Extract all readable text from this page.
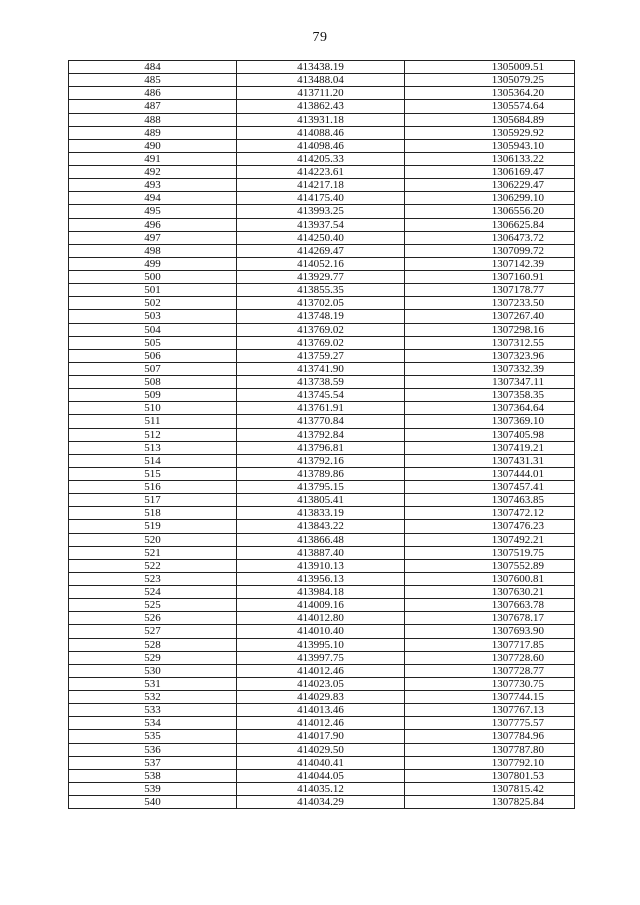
79
484	413438.19	1305009.51
485	413488.04	1305079.25
486	413711.20	1305364.20
487	413862.43	1305574.64
488	413931.18	1305684.89
489	414088.46	1305929.92
490	414098.46	1305943.10
491	414205.33	1306133.22
492	414223.61	1306169.47
493	414217.18	1306229.47
494	414175.40	1306299.10
495	413993.25	1306556.20
496	413937.54	1306625.84
497	414250.40	1306473.72
498	414269.47	1307099.72
499	414052.16	1307142.39
500	413929.77	1307160.91
501	413855.35	1307178.77
502	413702.05	1307233.50
503	413748.19	1307267.40
504	413769.02	1307298.16
505	413769.02	1307312.55
506	413759.27	1307323.96
507	413741.90	1307332.39
508	413738.59	1307347.11
509	413745.54	1307358.35
510	413761.91	1307364.64
511	413770.84	1307369.10
512	413792.84	1307405.98
513	413796.81	1307419.21
514	413792.16	1307431.31
515	413789.86	1307444.01
516	413795.15	1307457.41
517	413805.41	1307463.85
518	413833.19	1307472.12
519	413843.22	1307476.23
520	413866.48	1307492.21
521	413887.40	1307519.75
522	413910.13	1307552.89
523	413956.13	1307600.81
524	413984.18	1307630.21
525	414009.16	1307663.78
526	414012.80	1307678.17
527	414010.40	1307693.90
528	413995.10	1307717.85
529	413997.75	1307728.60
530	414012.46	1307728.77
531	414023.05	1307730.75
532	414029.83	1307744.15
533	414013.46	1307767.13
534	414012.46	1307775.57
535	414017.90	1307784.96
536	414029.50	1307787.80
537	414040.41	1307792.10
538	414044.05	1307801.53
539	414035.12	1307815.42
540	414034.29	1307825.84
